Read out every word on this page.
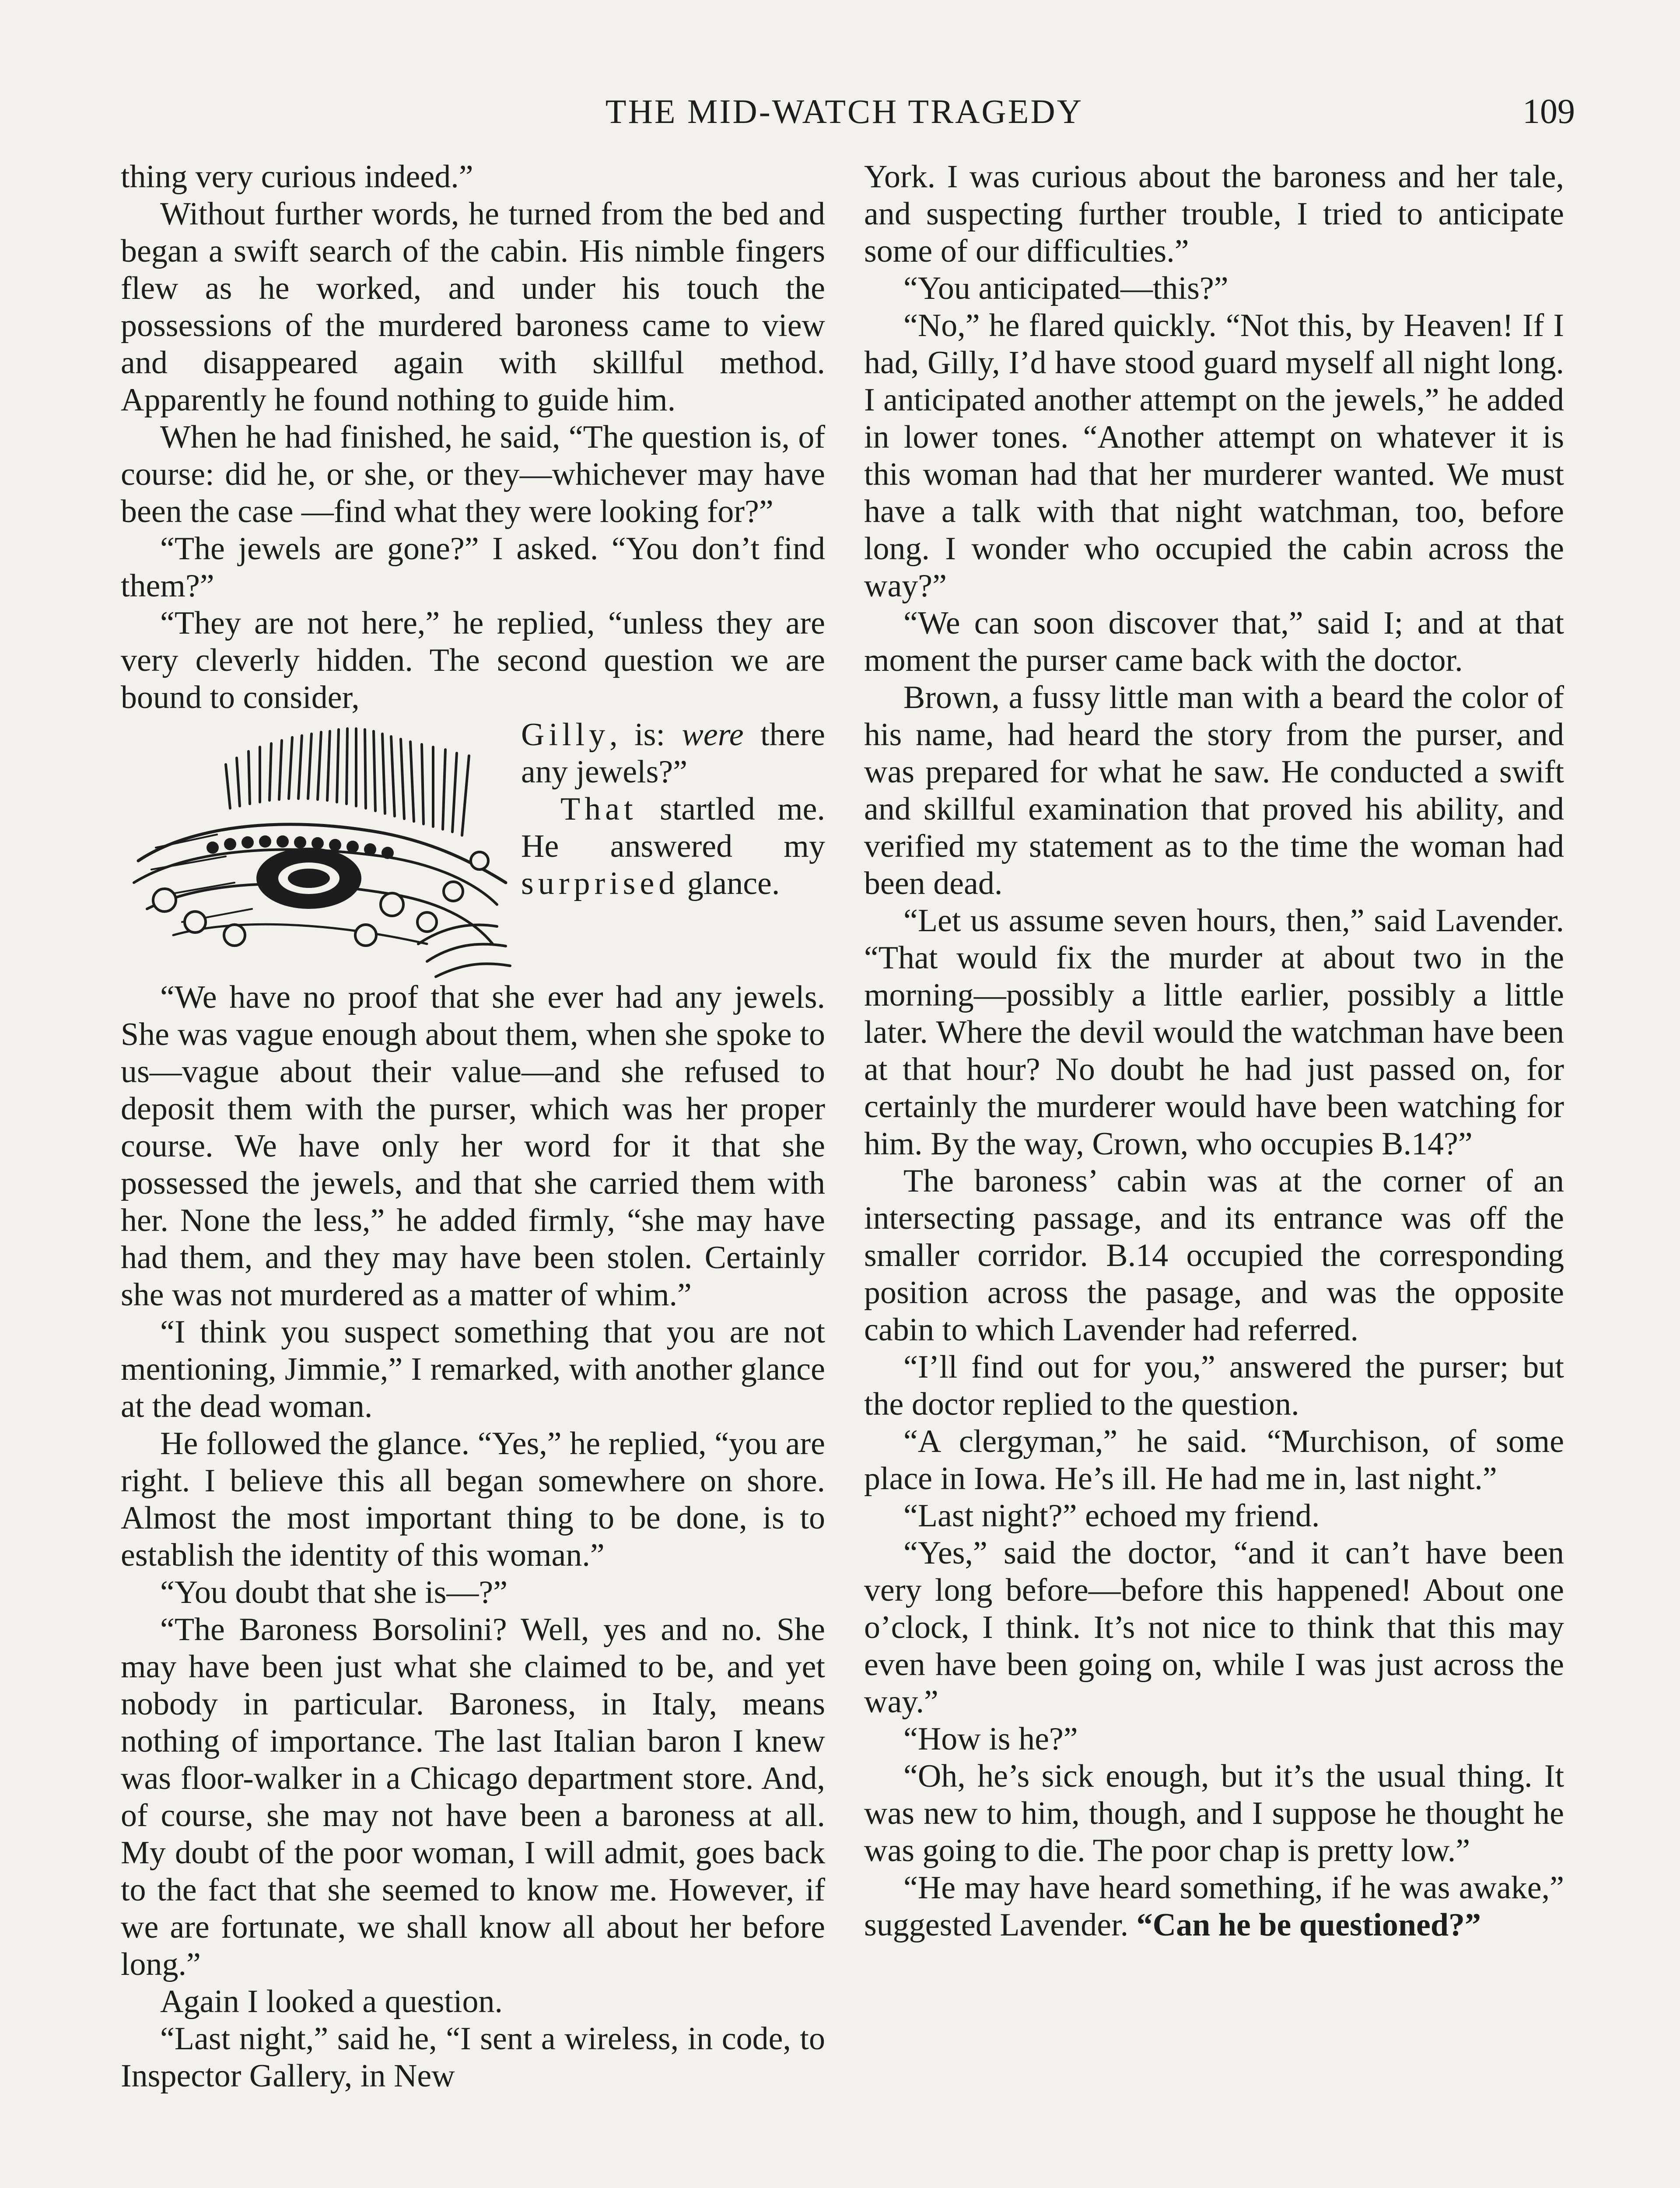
THE MID-WATCH TRAGEDY	109

thing very curious indeed.”

Without further words, he turned from the bed and began a swift search of the cabin. His nimble fingers flew as he worked, and under his touch the possessions of the murdered baroness came to view and disappeared again with skillful method. Apparently he found nothing to guide him.

When he had finished, he said, “The question is, of course: did he, or she, or they—whichever may have been the case —find what they were looking for?”

“The jewels are gone?” I asked. “You don’t find them?”

“They are not here,” he replied, “unless they are very cleverly hidden. The second question we are bound to consider,

Gilly, is: were there any jewels?”

That startled me. He answered my surprised glance.

“We have no proof that she ever had any jewels. She was vague enough about them, when she spoke to us—vague about their value—and she refused to deposit them with the purser, which was her proper course. We have only her word for it that she possessed the jewels, and that she carried them with her. None the less,” he added firmly, “she may have had them, and they may have been stolen. Certainly she was not murdered as a matter of whim.”

“I think you suspect something that you are not mentioning, Jimmie,” I remarked, with another glance at the dead woman.

He followed the glance. “Yes,” he replied, “you are right. I believe this all began somewhere on shore. Almost the most important thing to be done, is to establish the identity of this woman.”

“You doubt that she is—?”

“The Baroness Borsolini? Well, yes and no. She may have been just what she claimed to be, and yet nobody in particular. Baroness, in Italy, means nothing of importance. The last Italian baron I knew was floor-walker in a Chicago department store. And, of course, she may not have been a baroness at all. My doubt of the poor woman, I will admit, goes back to the fact that she seemed to know me. However, if we are fortunate, we shall know all about her before long.”

Again I looked a question.

“Last night,” said he, “I sent a wireless, in code, to Inspector Gallery, in New

York. I was curious about the baroness and her tale, and suspecting further trouble, I tried to anticipate some of our difficulties.”

“You anticipated—this?”

“No,” he flared quickly. “Not this, by Heaven! If I had, Gilly, I’d have stood guard myself all night long. I anticipated another attempt on the jewels,” he added in lower tones. “Another attempt on whatever it is this woman had that her murderer wanted. We must have a talk with that night watchman, too, before long. I wonder who occupied the cabin across the way?”

“We can soon discover that,” said I; and at that moment the purser came back with the doctor.

Brown, a fussy little man with a beard the color of his name, had heard the story from the purser, and was prepared for what he saw. He conducted a swift and skillful examination that proved his ability, and verified my statement as to the time the woman had been dead.

“Let us assume seven hours, then,” said Lavender. “That would fix the murder at about two in the morning—possibly a little earlier, possibly a little later. Where the devil would the watchman have been at that hour? No doubt he had just passed on, for certainly the murderer would have been watching for him. By the way, Crown, who occupies B.14?”

The baroness’ cabin was at the corner of an intersecting passage, and its entrance was off the smaller corridor. B.14 occupied the corresponding position across the pasage, and was the opposite cabin to which Lavender had referred.

“I’ll find out for you,” answered the purser; but the doctor replied to the question.

“A clergyman,” he said. “Murchison, of some place in Iowa. He’s ill. He had me in, last night.”

“Last night?” echoed my friend.

“Yes,” said the doctor, “and it can’t have been very long before—before this happened! About one o’clock, I think. It’s not nice to think that this may even have been going on, while I was just across the way.”

“How is he?”

“Oh, he’s sick enough, but it’s the usual thing. It was new to him, though, and I suppose he thought he was going to die. The poor chap is pretty low.”

“He may have heard something, if he was awake,” suggested Lavender. “Can he be questioned?”
